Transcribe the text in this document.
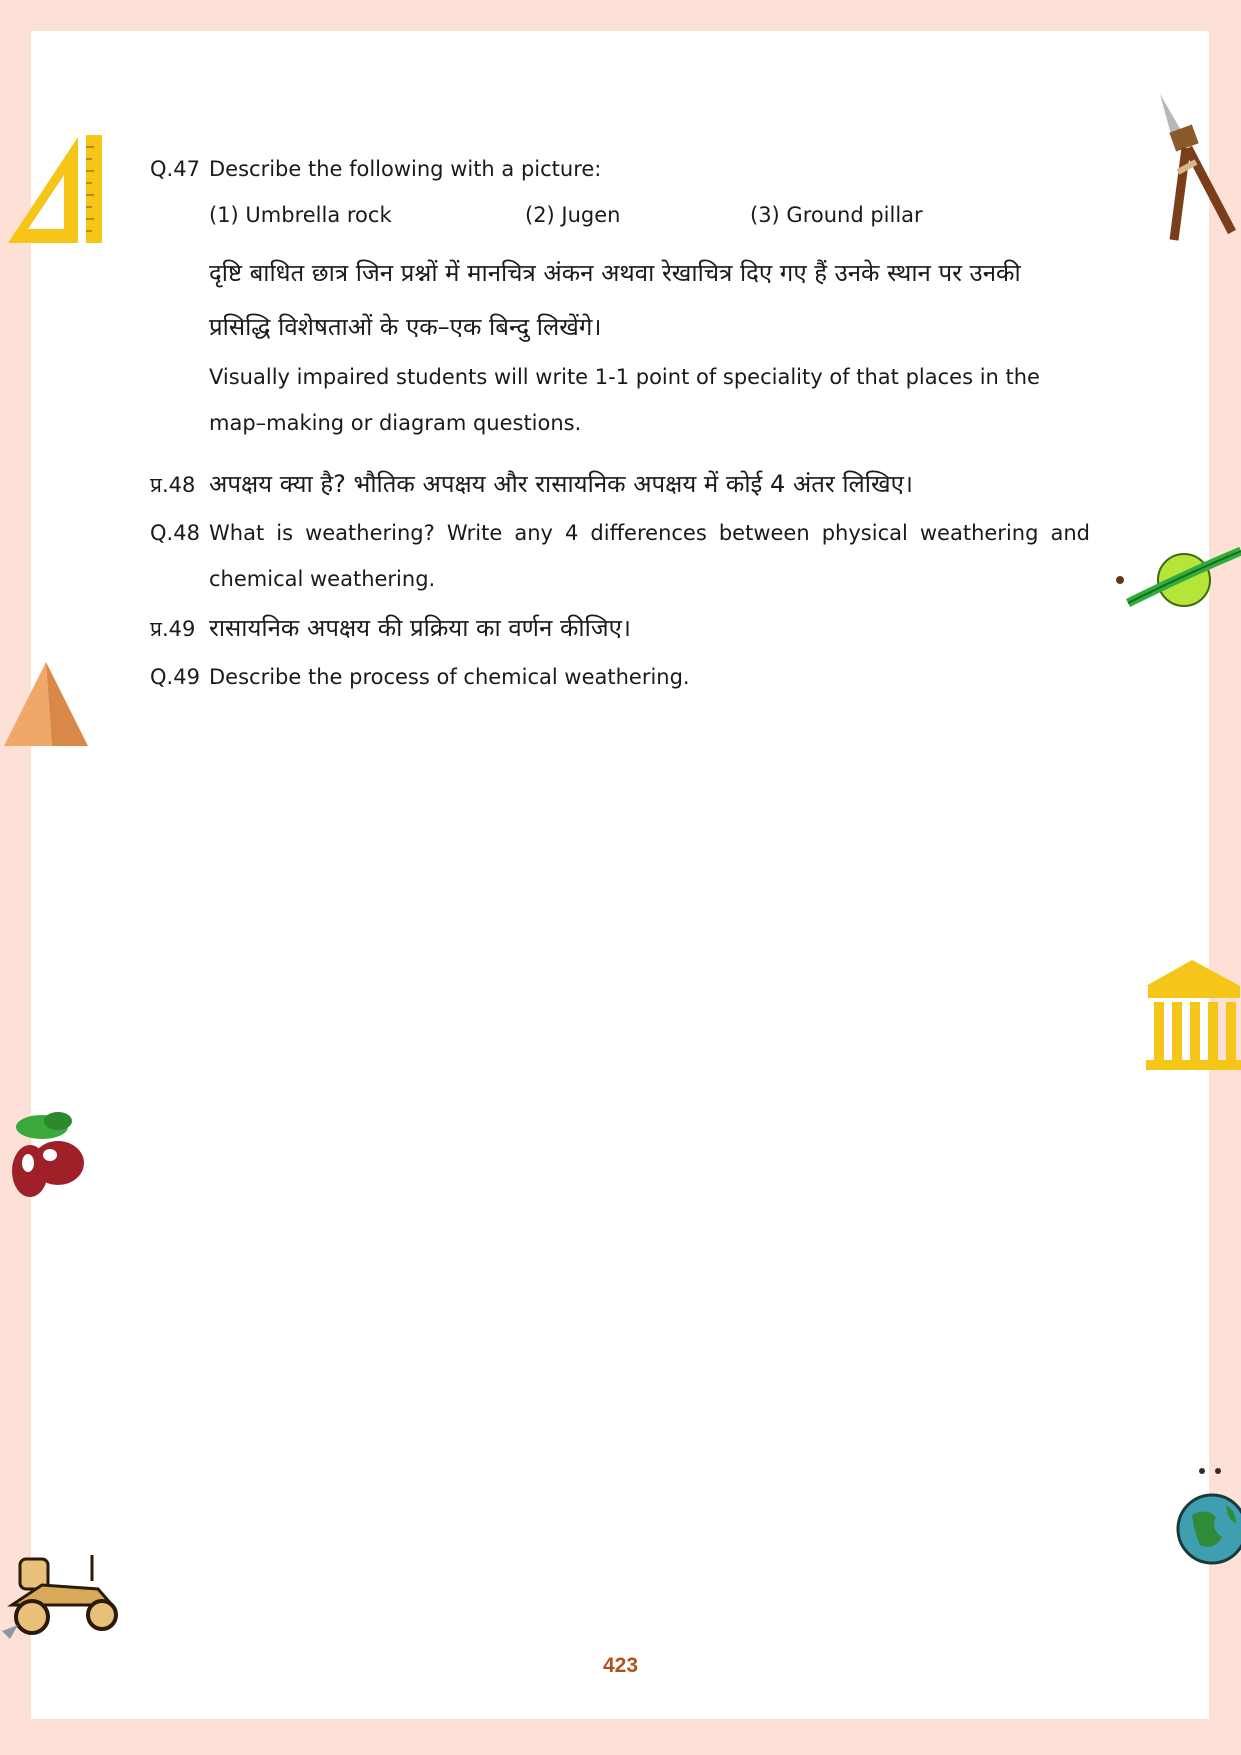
Q.47 Describe the following with a picture:
(1) Umbrella rock	(2) Jugen	(3) Ground pillar
दृष्टि बाधित छात्र जिन प्रश्नों में मानचित्र अंकन अथवा रेखाचित्र दिए गए हैं उनके स्थान पर उनकी प्रसिद्धि विशेषताओं के एक–एक बिन्दु लिखेंगे।
Visually impaired students will write 1-1 point of speciality of that places in the map–making or diagram questions.
प्र.48 अपक्षय क्या है? भौतिक अपक्षय और रासायनिक अपक्षय में कोई 4 अंतर लिखिए।
Q.48 What is weathering? Write any 4 differences between physical weathering and
chemical weathering.
प्र.49 रासायनिक अपक्षय की प्रक्रिया का वर्णन कीजिए।
Q.49 Describe the process of chemical weathering.
423
